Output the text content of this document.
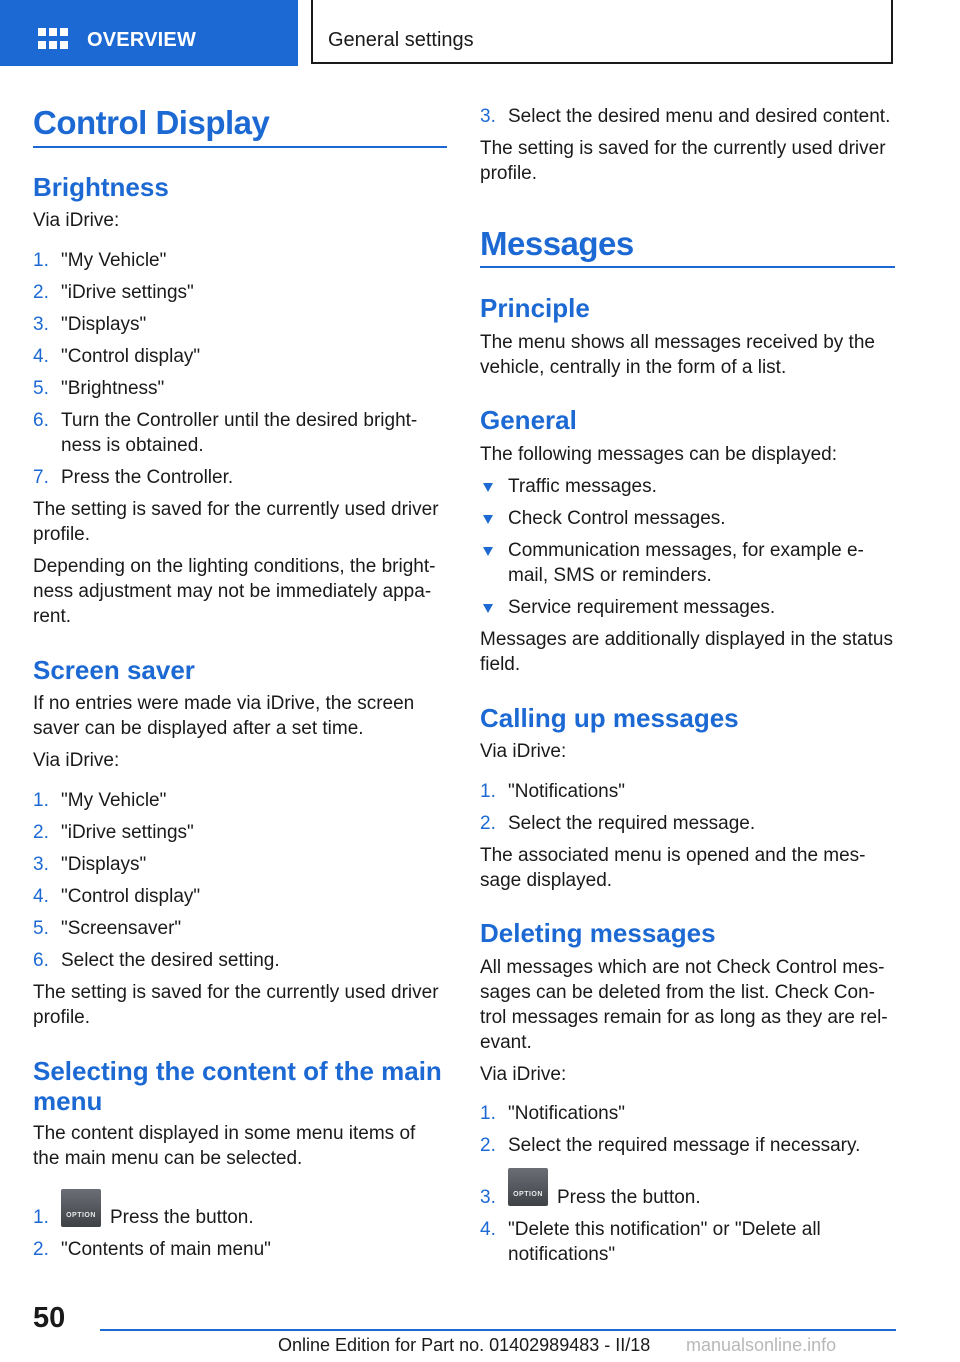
OVERVIEW	General settings
Control Display
Brightness
Via iDrive:
1. "My Vehicle"
2. "iDrive settings"
3. "Displays"
4. "Control display"
5. "Brightness"
6. Turn the Controller until the desired bright-
ness is obtained.
7. Press the Controller.
The setting is saved for the currently used driver
profile.
Depending on the lighting conditions, the bright-
ness adjustment may not be immediately appa-
rent.
Screen saver
If no entries were made via iDrive, the screen
saver can be displayed after a set time.
Via iDrive:
1. "My Vehicle"
2. "iDrive settings"
3. "Displays"
4. "Control display"
5. "Screensaver"
6. Select the desired setting.
The setting is saved for the currently used driver
profile.
Selecting the content of the main
menu
The content displayed in some menu items of
the main menu can be selected.
1.	OPTION Press the button.
2. "Contents of main menu"
3. Select the desired menu and desired content.
The setting is saved for the currently used driver
profile.
Messages
Principle
The menu shows all messages received by the
vehicle, centrally in the form of a list.
General
The following messages can be displayed:
Traffic messages.
Check Control messages.
Communication messages, for example e-
mail, SMS or reminders.
Service requirement messages.
Messages are additionally displayed in the status
field.
Calling up messages
Via iDrive:
1. "Notifications"
2. Select the required message.
The associated menu is opened and the mes-
sage displayed.
Deleting messages
All messages which are not Check Control mes-
sages can be deleted from the list. Check Con-
trol messages remain for as long as they are rel-
evant.
Via iDrive:
1. "Notifications"
2. Select the required message if necessary.
3.	OPTION Press the button.
4. "Delete this notification" or "Delete all
notifications"
50
Online Edition for Part no. 01402989483 - II/18 manualsonline.info
